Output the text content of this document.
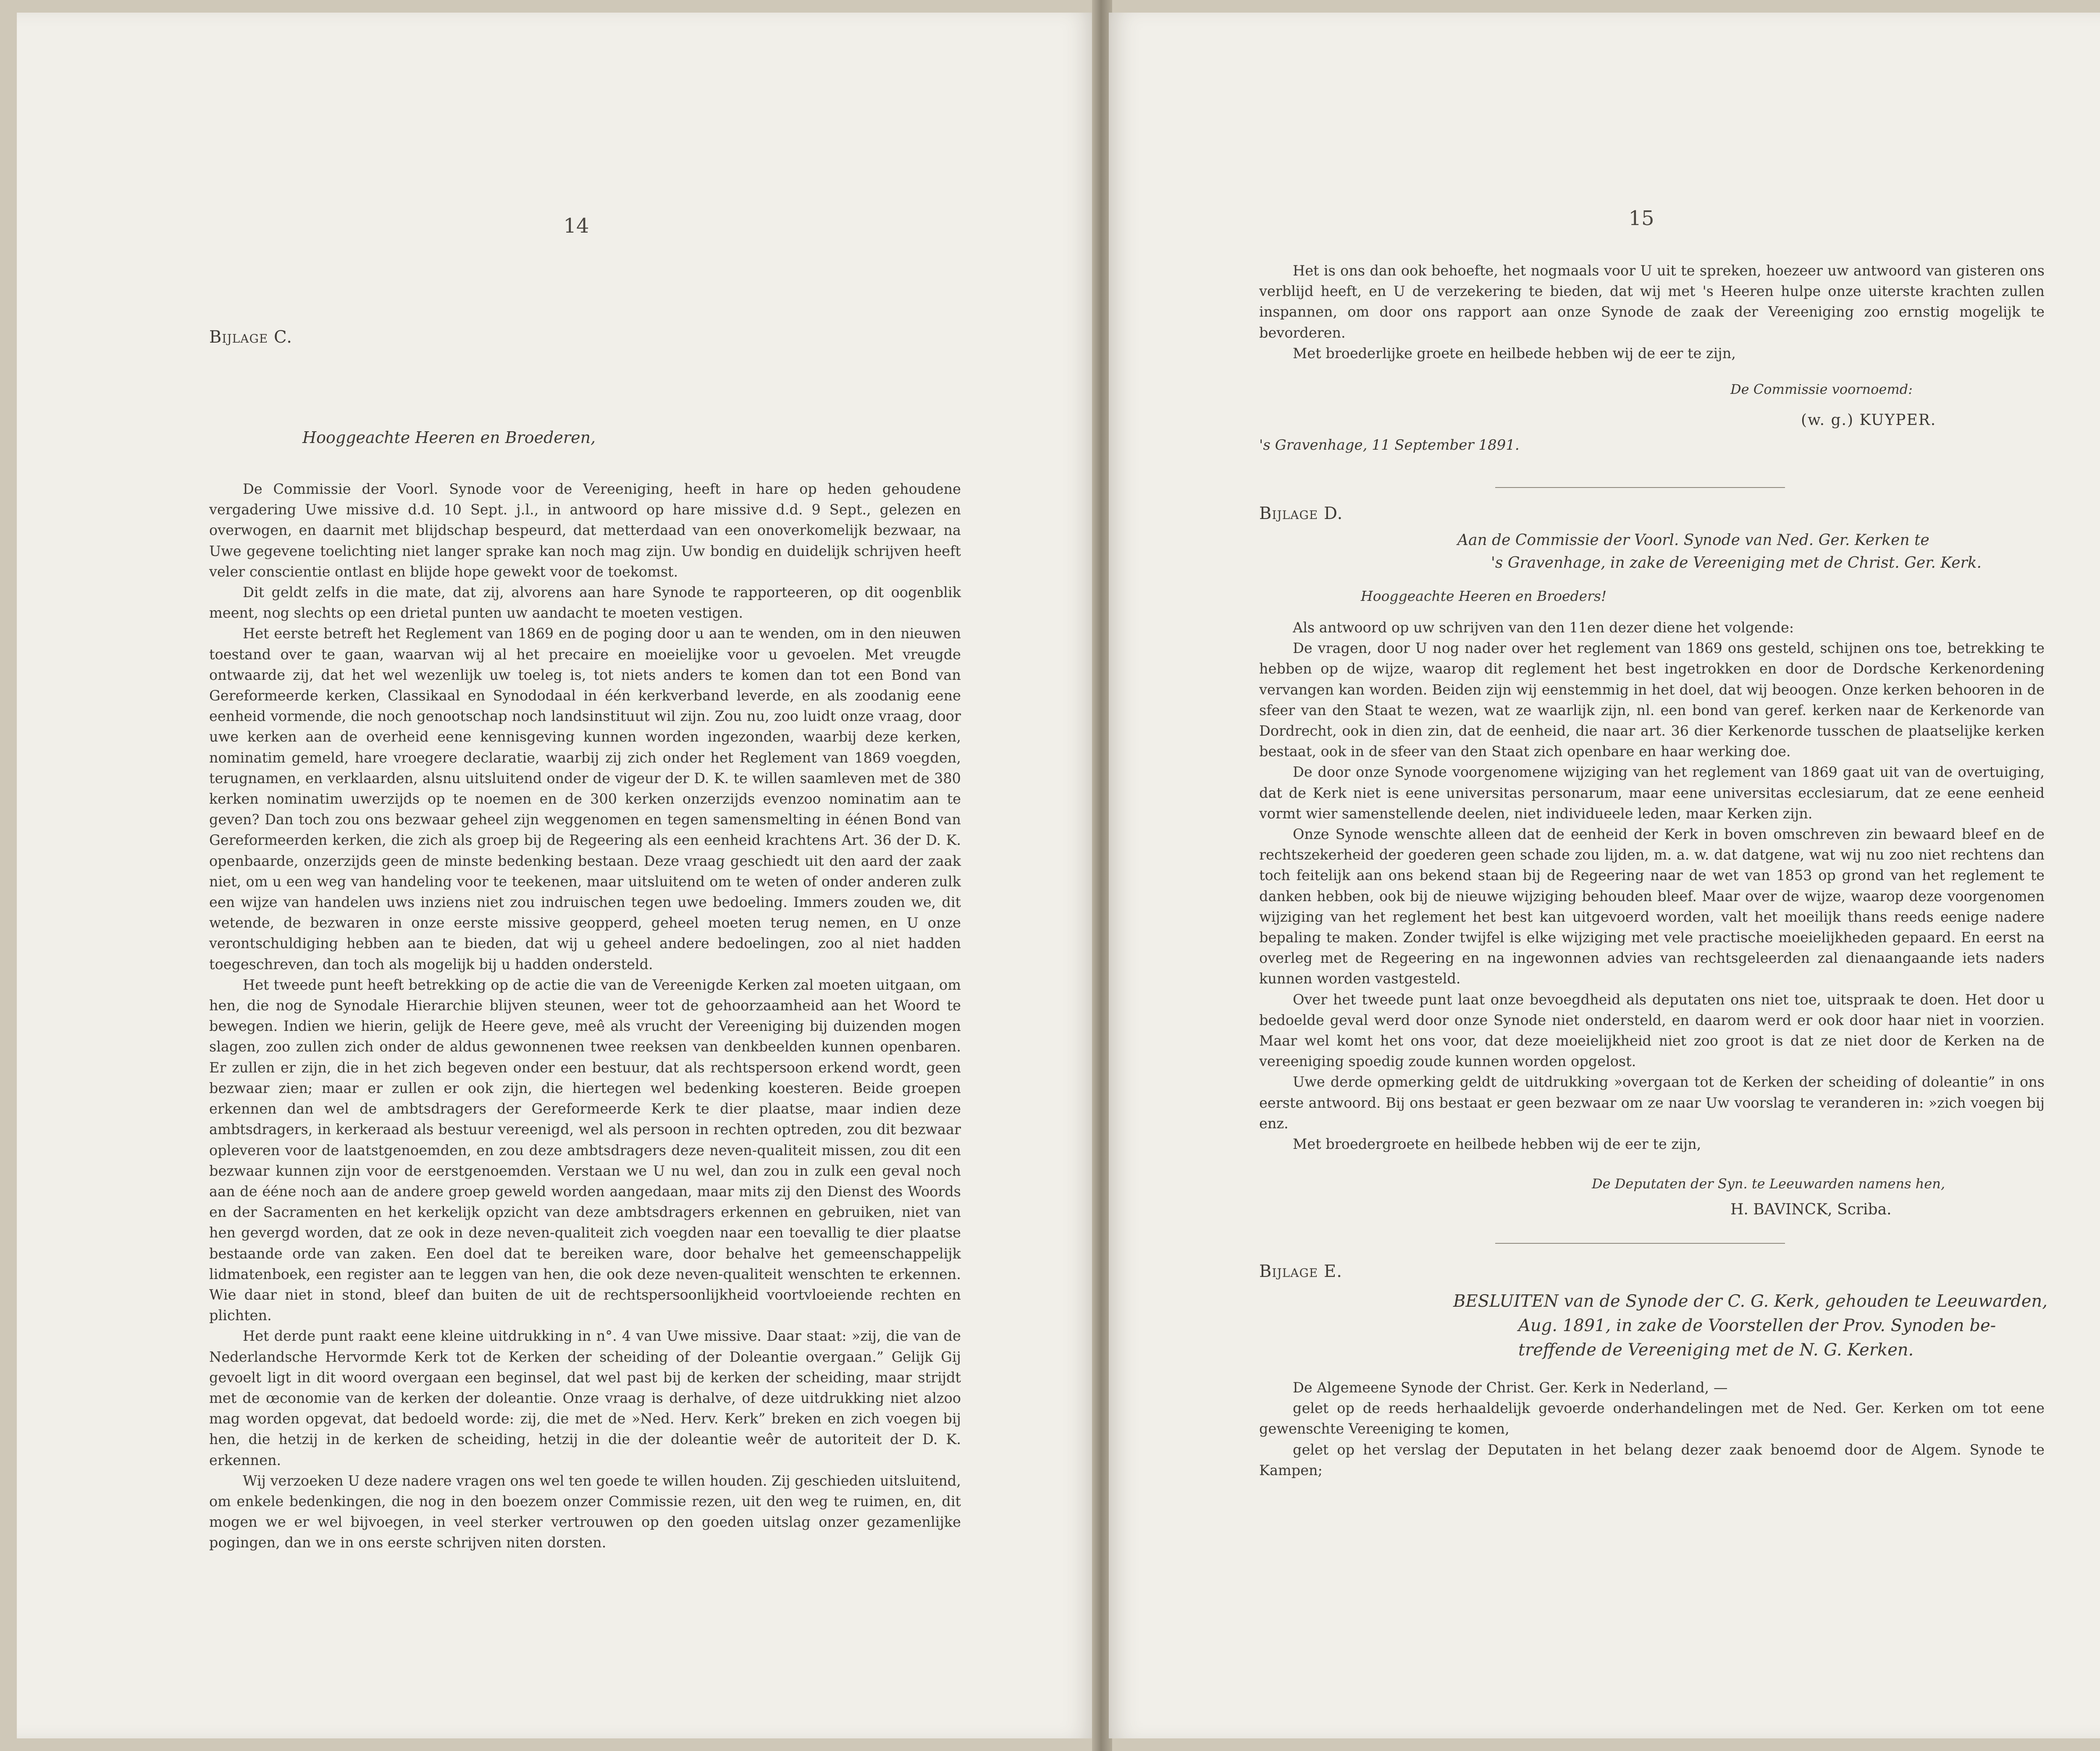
14
Bijlage C.
Hooggeachte Heeren en Broederen,

De Commissie der Voorl. Synode voor de Vereeniging, heeft in hare op heden gehoudene vergadering Uwe missive d.d. 10 Sept. j.l., in antwoord op hare missive d.d. 9 Sept., gelezen en overwogen, en daarnit met blijdschap bespeurd, dat metterdaad van een onoverkomelijk bezwaar, na Uwe gegevene toelichting niet langer sprake kan noch mag zijn. Uw bondig en duidelijk schrijven heeft veler conscientie ontlast en blijde hope gewekt voor de toekomst.

Dit geldt zelfs in die mate, dat zij, alvorens aan hare Synode te rapporteeren, op dit oogenblik meent, nog slechts op een drietal punten uw aandacht te moeten vestigen.

Het eerste betreft het Reglement van 1869 en de poging door u aan te wenden, om in den nieuwen toestand over te gaan, waarvan wij al het precaire en moeielijke voor u gevoelen. Met vreugde ontwaarde zij, dat het wel wezenlijk uw toeleg is, tot niets anders te komen dan tot een Bond van Gereformeerde kerken, Classikaal en Synododaal in één kerkverband leverde, en als zoodanig eene eenheid vormende, die noch genootschap noch landsinstituut wil zijn. Zou nu, zoo luidt onze vraag, door uwe kerken aan de overheid eene kennisgeving kunnen worden ingezonden, waarbij deze kerken, nominatim gemeld, hare vroegere declaratie, waarbij zij zich onder het Reglement van 1869 voegden, terugnamen, en verklaarden, alsnu uitsluitend onder de vigeur der D. K. te willen saamleven met de 380 kerken nominatim uwerzijds op te noemen en de 300 kerken onzerzijds evenzoo nominatim aan te geven? Dan toch zou ons bezwaar geheel zijn weggenomen en tegen samensmelting in éénen Bond van Gereformeerden kerken, die zich als groep bij de Regeering als een eenheid krachtens Art. 36 der D. K. openbaarde, onzerzijds geen de minste bedenking bestaan. Deze vraag geschiedt uit den aard der zaak niet, om u een weg van handeling voor te teekenen, maar uitsluitend om te weten of onder anderen zulk een wijze van handelen uws inziens niet zou indruischen tegen uwe bedoeling. Immers zouden we, dit wetende, de bezwaren in onze eerste missive geopperd, geheel moeten terug nemen, en U onze verontschuldiging hebben aan te bieden, dat wij u geheel andere bedoelingen, zoo al niet hadden toegeschreven, dan toch als mogelijk bij u hadden ondersteld.

Het tweede punt heeft betrekking op de actie die van de Vereenigde Kerken zal moeten uitgaan, om hen, die nog de Synodale Hierarchie blijven steunen, weer tot de gehoorzaamheid aan het Woord te bewegen. Indien we hierin, gelijk de Heere geve, meê als vrucht der Vereeniging bij duizenden mogen slagen, zoo zullen zich onder de aldus gewonnenen twee reeksen van denkbeelden kunnen openbaren. Er zullen er zijn, die in het zich begeven onder een bestuur, dat als rechtspersoon erkend wordt, geen bezwaar zien; maar er zullen er ook zijn, die hiertegen wel bedenking koesteren. Beide groepen erkennen dan wel de ambtsdragers der Gereformeerde Kerk te dier plaatse, maar indien deze ambtsdragers, in kerkeraad als bestuur vereenigd, wel als persoon in rechten optreden, zou dit bezwaar opleveren voor de laatstgenoemden, en zou deze ambtsdragers deze neven-qualiteit missen, zou dit een bezwaar kunnen zijn voor de eerstgenoemden. Verstaan we U nu wel, dan zou in zulk een geval noch aan de ééne noch aan de andere groep geweld worden aangedaan, maar mits zij den Dienst des Woords en der Sacramenten en het kerkelijk opzicht van deze ambtsdragers erkennen en gebruiken, niet van hen gevergd worden, dat ze ook in deze neven-qualiteit zich voegden naar een toevallig te dier plaatse bestaande orde van zaken. Een doel dat te bereiken ware, door behalve het gemeenschappelijk lidmatenboek, een register aan te leggen van hen, die ook deze neven-qualiteit wenschten te erkennen. Wie daar niet in stond, bleef dan buiten de uit de rechtspersoonlijkheid voortvloeiende rechten en plichten.

Het derde punt raakt eene kleine uitdrukking in n°. 4 van Uwe missive. Daar staat: »zij, die van de Nederlandsche Hervormde Kerk tot de Kerken der scheiding of der Doleantie overgaan.” Gelijk Gij gevoelt ligt in dit woord overgaan een beginsel, dat wel past bij de kerken der scheiding, maar strijdt met de œconomie van de kerken der doleantie. Onze vraag is derhalve, of deze uitdrukking niet alzoo mag worden opgevat, dat bedoeld worde: zij, die met de »Ned. Herv. Kerk” breken en zich voegen bij hen, die hetzij in de kerken de scheiding, hetzij in die der doleantie weêr de autoriteit der D. K. erkennen.

Wij verzoeken U deze nadere vragen ons wel ten goede te willen houden. Zij geschieden uitsluitend, om enkele bedenkingen, die nog in den boezem onzer Commissie rezen, uit den weg te ruimen, en, dit mogen we er wel bijvoegen, in veel sterker vertrouwen op den goeden uitslag onzer gezamenlijke pogingen, dan we in ons eerste schrijven niten dorsten.

15

Het is ons dan ook behoefte, het nogmaals voor U uit te spreken, hoezeer uw antwoord van gisteren ons verblijd heeft, en U de verzekering te bieden, dat wij met 's Heeren hulpe onze uiterste krachten zullen inspannen, om door ons rapport aan onze Synode de zaak der Vereeniging zoo ernstig mogelijk te bevorderen.

Met broederlijke groete en heilbede hebben wij de eer te zijn,

De Commissie voornoemd:
(w. g.) KUYPER.
's Gravenhage, 11 September 1891.
Bijlage D.
Aan de Commissie der Voorl. Synode van Ned. Ger. Kerken te
's Gravenhage, in zake de Vereeniging met de Christ. Ger. Kerk.
Hooggeachte Heeren en Broeders!

Als antwoord op uw schrijven van den 11en dezer diene het volgende:

De vragen, door U nog nader over het reglement van 1869 ons gesteld, schijnen ons toe, betrekking te hebben op de wijze, waarop dit reglement het best ingetrokken en door de Dordsche Kerkenordening vervangen kan worden. Beiden zijn wij eenstemmig in het doel, dat wij beoogen. Onze kerken behooren in de sfeer van den Staat te wezen, wat ze waarlijk zijn, nl. een bond van geref. kerken naar de Kerkenorde van Dordrecht, ook in dien zin, dat de eenheid, die naar art. 36 dier Kerkenorde tusschen de plaatselijke kerken bestaat, ook in de sfeer van den Staat zich openbare en haar werking doe.

De door onze Synode voorgenomene wijziging van het reglement van 1869 gaat uit van de overtuiging, dat de Kerk niet is eene universitas personarum, maar eene universitas ecclesiarum, dat ze eene eenheid vormt wier samenstellende deelen, niet individueele leden, maar Kerken zijn.

Onze Synode wenschte alleen dat de eenheid der Kerk in boven omschreven zin bewaard bleef en de rechtszekerheid der goederen geen schade zou lijden, m. a. w. dat datgene, wat wij nu zoo niet rechtens dan toch feitelijk aan ons bekend staan bij de Regeering naar de wet van 1853 op grond van het reglement te danken hebben, ook bij de nieuwe wijziging behouden bleef. Maar over de wijze, waarop deze voorgenomen wijziging van het reglement het best kan uitgevoerd worden, valt het moeilijk thans reeds eenige nadere bepaling te maken. Zonder twijfel is elke wijziging met vele practische moeielijkheden gepaard. En eerst na overleg met de Regeering en na ingewonnen advies van rechtsgeleerden zal dienaangaande iets naders kunnen worden vastgesteld.

Over het tweede punt laat onze bevoegdheid als deputaten ons niet toe, uitspraak te doen. Het door u bedoelde geval werd door onze Synode niet ondersteld, en daarom werd er ook door haar niet in voorzien. Maar wel komt het ons voor, dat deze moeielijkheid niet zoo groot is dat ze niet door de Kerken na de vereeniging spoedig zoude kunnen worden opgelost.

Uwe derde opmerking geldt de uitdrukking »overgaan tot de Kerken der scheiding of doleantie” in ons eerste antwoord. Bij ons bestaat er geen bezwaar om ze naar Uw voorslag te veranderen in: »zich voegen bij enz.

Met broedergroete en heilbede hebben wij de eer te zijn,

De Deputaten der Syn. te Leeuwarden namens hen,
H. BAVINCK, Scriba.
Bijlage E.
BESLUITEN van de Synode der C. G. Kerk, gehouden te Leeuwarden,
Aug. 1891, in zake de Voorstellen der Prov. Synoden be-
treffende de Vereeniging met de N. G. Kerken.

De Algemeene Synode der Christ. Ger. Kerk in Nederland, —

gelet op de reeds herhaaldelijk gevoerde onderhandelingen met de Ned. Ger. Kerken om tot eene gewenschte Vereeniging te komen,

gelet op het verslag der Deputaten in het belang dezer zaak benoemd door de Algem. Synode te Kampen;
